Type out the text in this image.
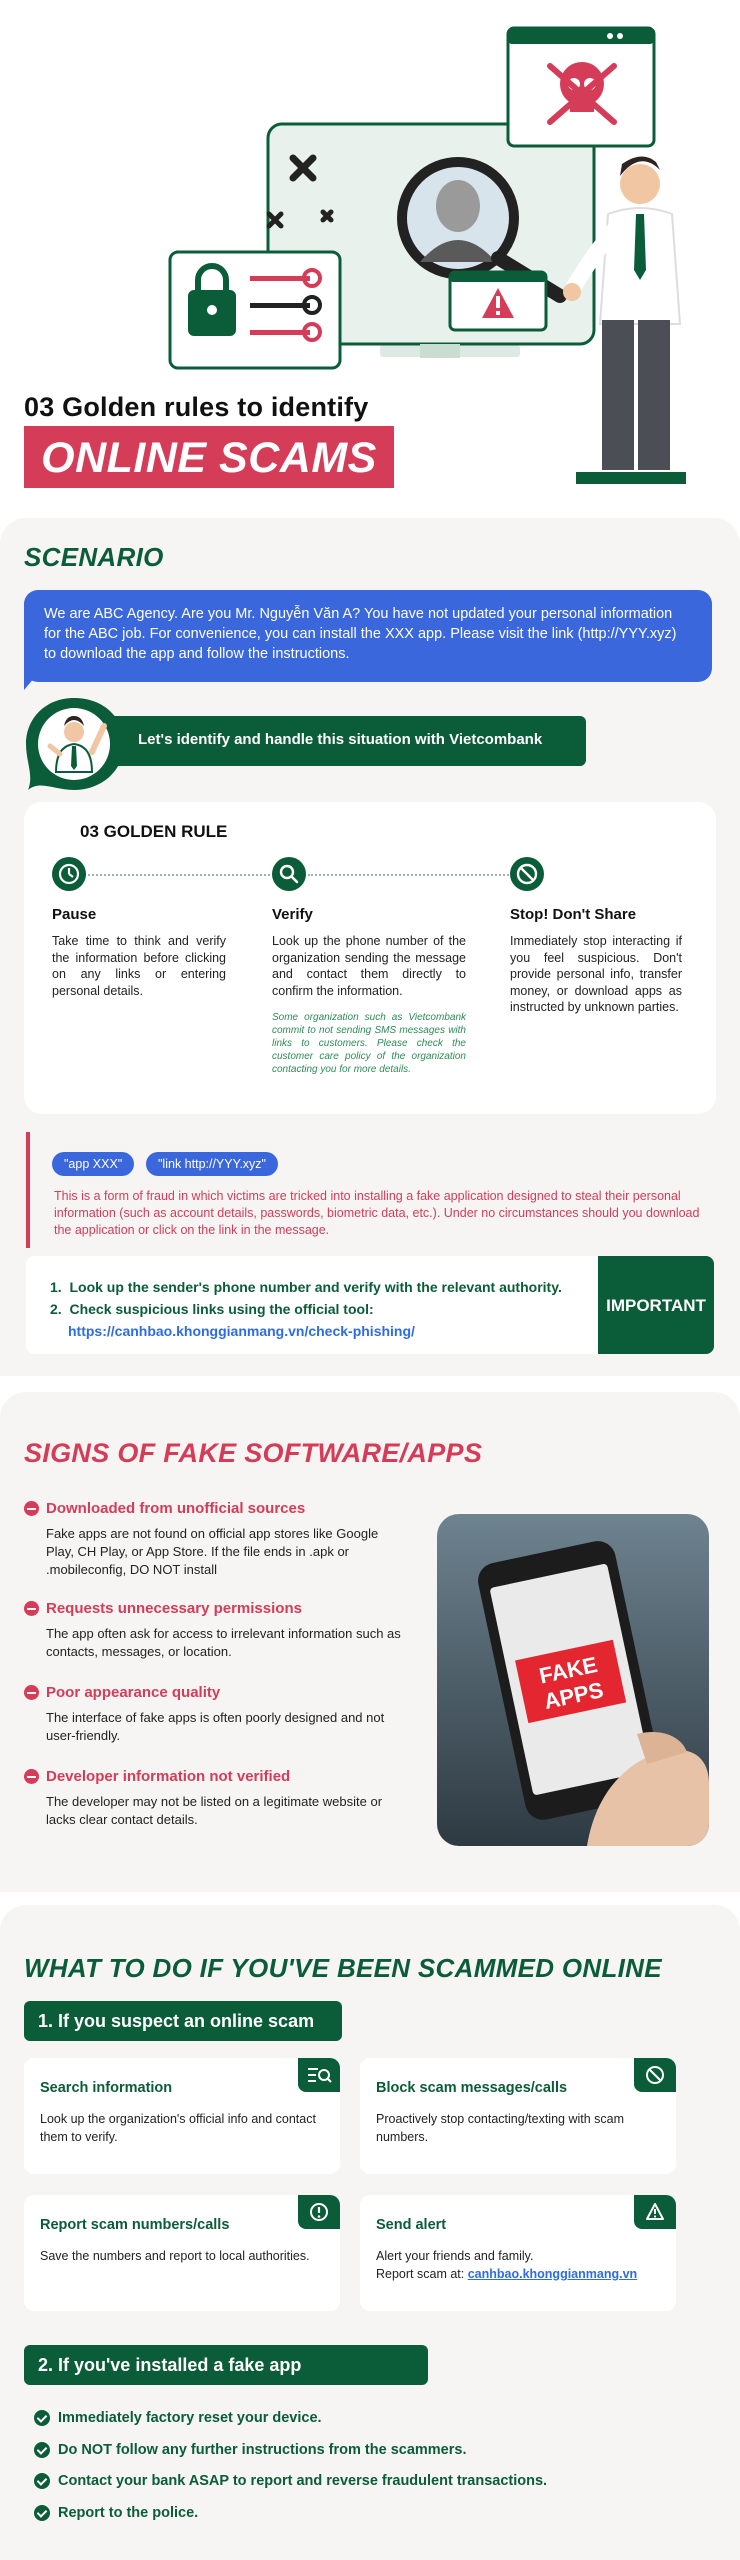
03 Golden rules to identify
ONLINE SCAMS
SCENARIO
We are ABC Agency. Are you Mr. Nguyễn Văn A? You have not updated your personal information for the ABC job. For convenience, you can install the XXX app. Please visit the link (http://YYY.xyz) to download the app and follow the instructions.
Let's identify and handle this situation with Vietcombank
03 GOLDEN RULE
Pause
Take time to think and verify the information before clicking on any links or entering personal details.
Verify
Look up the phone number of the organization sending the message and contact them directly to confirm the information.
Some organization such as Vietcombank commit to not sending SMS messages with links to customers. Please check the customer care policy of the organization contacting you for more details.
Stop! Don't Share
Immediately stop interacting if you feel suspicious. Don't provide personal info, transfer money, or download apps as instructed by unknown parties.
"app XXX"	"link http://YYY.xyz"
This is a form of fraud in which victims are tricked into installing a fake application designed to steal their personal information (such as account details, passwords, biometric data, etc.). Under no circumstances should you download the application or click on the link in the message.
1.  Look up the sender's phone number and verify with the relevant authority.
2.  Check suspicious links using the official tool:
https://canhbao.khonggianmang.vn/check-phishing/
IMPORTANT
SIGNS OF FAKE SOFTWARE/APPS
Downloaded from unofficial sources
Fake apps are not found on official app stores like Google Play, CH Play, or App Store. If the file ends in .apk or .mobileconfig, DO NOT install
Requests unnecessary permissions
The app often ask for access to irrelevant information such as contacts, messages, or location.
Poor appearance quality
The interface of fake apps is often poorly designed and not user-friendly.
Developer information not verified
The developer may not be listed on a legitimate website or lacks clear contact details.
FAKE
APPS
WHAT TO DO IF YOU'VE BEEN SCAMMED ONLINE
1. If you suspect an online scam
Search information
Look up the organization's official info and contact them to verify.
Block scam messages/calls
Proactively stop contacting/texting with scam numbers.
Report scam numbers/calls
Save the numbers and report to local authorities.
Send alert
Alert your friends and family.
Report scam at: canhbao.khonggianmang.vn
2. If you've installed a fake app
Immediately factory reset your device.
Do NOT follow any further instructions from the scammers.
Contact your bank ASAP to report and reverse fraudulent transactions.
Report to the police.
